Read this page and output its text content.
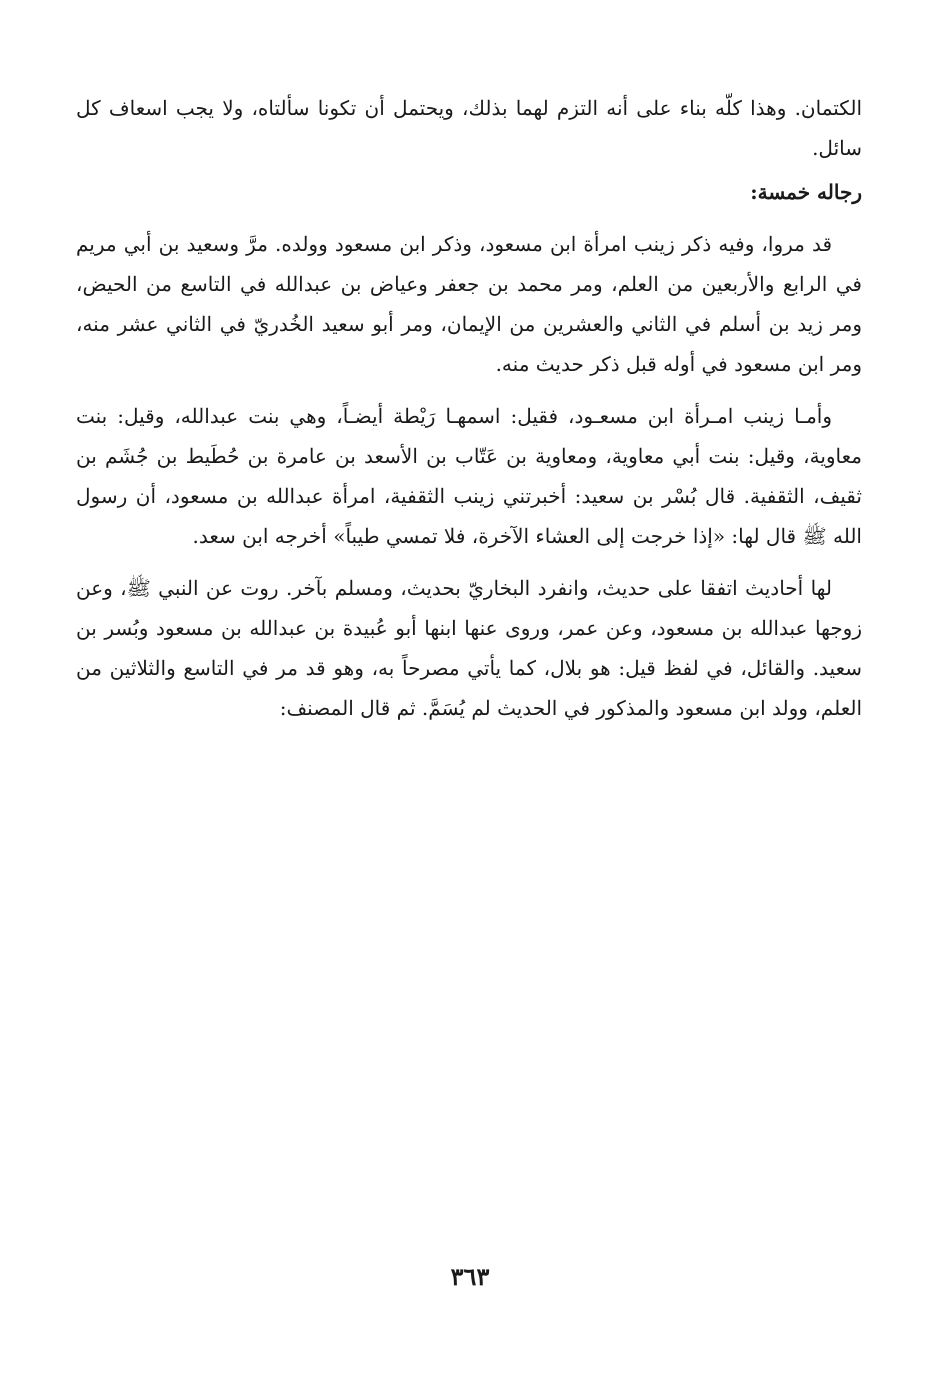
الكتمان. وهذا كلّه بناء على أنه التزم لهما بذلك، ويحتمل أن تكونا سألتاه، ولا يجب اسعاف كل سائل.

رجاله خمسة:

قد مروا، وفيه ذكر زينب امرأة ابن مسعود، وذكر ابن مسعود وولده. مرَّ وسعيد بن أبي مريم في الرابع والأربعين من العلم، ومر محمد بن جعفر وعياض بن عبدالله في التاسع من الحيض، ومر زيد بن أسلم في الثاني والعشرين من الإيمان، ومر أبو سعيد الخُدريّ في الثاني عشر منه، ومر ابن مسعود في أوله قبل ذكر حديث منه.

وأمـا زينب امـرأة ابن مسعـود، فقيل: اسمهـا رَيْطة أيضـاً، وهي بنت عبدالله، وقيل: بنت معاوية، وقيل: بنت أبي معاوية، ومعاوية بن عَتّاب بن الأسعد بن عامرة بن حُطَيط بن جُشَم بن ثقيف، الثقفية. قال بُسْر بن سعيد: أخبرتني زينب الثقفية، امرأة عبدالله بن مسعود، أن رسول الله ﷺ قال لها: «إذا خرجت إلى العشاء الآخرة، فلا تمسي طيباً» أخرجه ابن سعد.

لها أحاديث اتفقا على حديث، وانفرد البخاريّ بحديث، ومسلم بآخر. روت عن النبي ﷺ، وعن زوجها عبدالله بن مسعود، وعن عمر، وروى عنها ابنها أبو عُبيدة بن عبدالله بن مسعود وبُسر بن سعيد. والقائل، في لفظ قيل: هو بلال، كما يأتي مصرحاً به، وهو قد مر في التاسع والثلاثين من العلم، وولد ابن مسعود والمذكور في الحديث لم يُسَمَّ. ثم قال المصنف:

٣٦٣
